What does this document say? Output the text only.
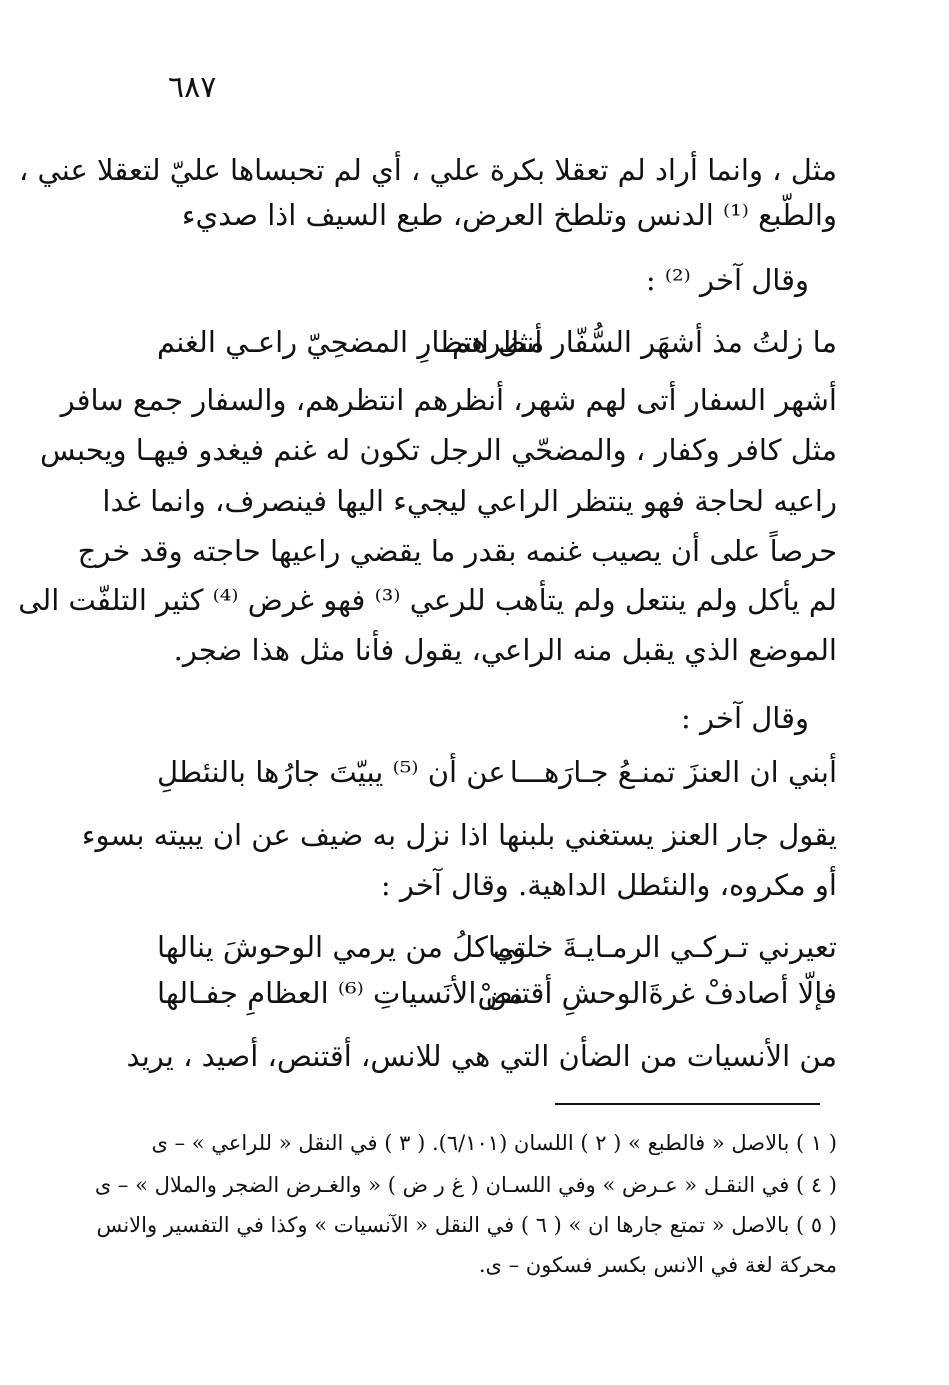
٦٨٧
مثل ، وانما أراد لم تعقلا بكرة علي ، أي لم تحبساها عليّ لتعقلا عني ،
والطّبع ⁽¹⁾ الدنس وتلطخ العرض، طبع السيف اذا صديء
وقال آخر ⁽²⁾ :
ما زلتُ مذ أشهَر السُّفّار أنظرهم
مثل انتظارِ المضحِيّ راعـي الغنم
أشهر السفار أتى لهم شهر، أنظرهم انتظرهم، والسفار جمع سافر
مثل كافر وكفار ، والمضحّي الرجل تكون له غنم فيغدو فيهـا ويحبس
راعيه لحاجة فهو ينتظر الراعي ليجيء اليها فينصرف، وانما غدا
حرصاً على أن يصيب غنمه بقدر ما يقضي راعيها حاجته وقد خرج
لم يأكل ولم ينتعل ولم يتأهب للرعي ⁽³⁾ فهو غرض ⁽⁴⁾ كثير التلفّت الى
الموضع الذي يقبل منه الراعي، يقول فأنا مثل هذا ضجر.
وقال آخر :
أبني ان العنزَ تمنـعُ جـارَهـــا
عن أن ⁽⁵⁾ يبيّتَ جارُها بالنئطلِ
يقول جار العنز يستغني بلبنها اذا نزل به ضيف عن ان يبيته بسوء
أو مكروه، والنئطل الداهية. وقال آخر :
تعيرني تـركـي الرمـايـةَ خلتي
وماكلُ من يرمي الوحوشَ ينالها
فإلّا أصادفْ غرةَالوحشِ أقتنصْ
من الأنَسياتِ ⁽⁶⁾ العظامِ جفـالها
من الأنسيات من الضأن التي هي للانس، أقتنص، أصيد ، يريد
( ١ ) بالاصل « فالطبع » ( ٢ ) اللسان (٦/١٠١). ( ٣ ) في النقل « للراعي » – ى
( ٤ ) في النقـل « عـرض » وفي اللسـان ( غ ر ض ) « والغـرض الضجر والملال » – ى
( ٥ ) بالاصل « تمتع جارها ان » ( ٦ ) في النقل « الآنسيات » وكذا في التفسير والانس
محركة لغة في الانس بكسر فسكون – ى.
